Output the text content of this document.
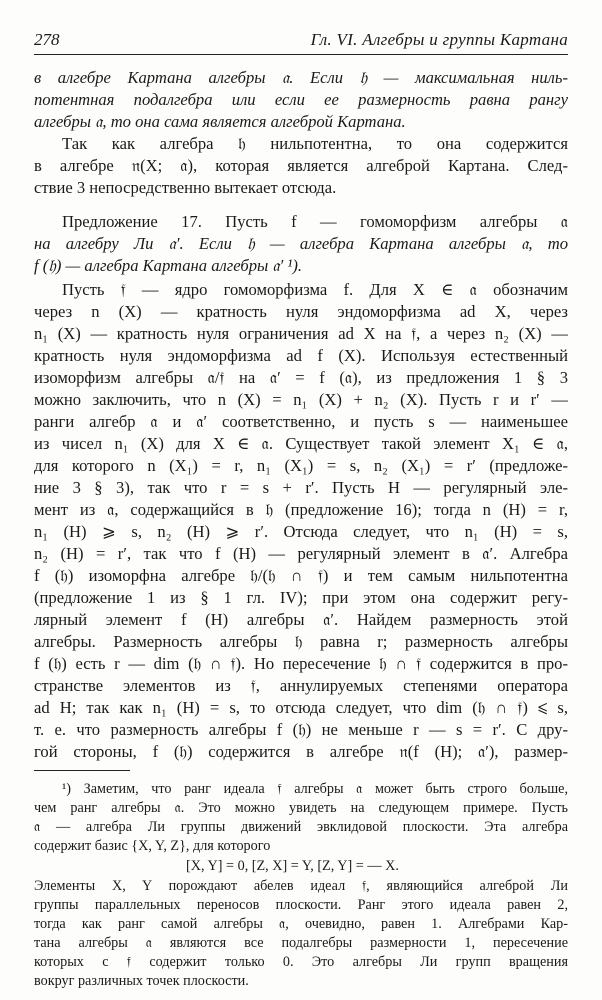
278	Гл. VI. Алгебры и группы Картана
в алгебре Картана алгебры 𝔞. Если 𝔥 — максимальная ниль-
потентная подалгебра или если ее размерность равна рангу
алгебры 𝔞, то она сама является алгеброй Картана.
Так как алгебра 𝔥 нильпотентна, то она содержится
в алгебре 𝔫(X; 𝔞), которая является алгеброй Картана. След-
ствие 3 непосредственно вытекает отсюда.
Предложение 17. Пусть f — гомоморфизм алгебры 𝔞
на алгебру Ли 𝔞′. Если 𝔥 — алгебра Картана алгебры 𝔞, то
f (𝔥) — алгебра Картана алгебры 𝔞′ ¹).
Пусть 𝔣 — ядро гомоморфизма f. Для X ∈ 𝔞 обозначим
через n (X) — кратность нуля эндоморфизма ad X, через
n₁ (X) — кратность нуля ограничения ad X на 𝔣, а через n₂ (X) —
кратность нуля эндоморфизма ad f (X). Используя естественный
изоморфизм алгебры 𝔞/𝔣 на 𝔞′ = f (𝔞), из предложения 1 § 3
можно заключить, что n (X) = n₁ (X) + n₂ (X). Пусть r и r′ —
ранги алгебр 𝔞 и 𝔞′ соответственно, и пусть s — наименьшее
из чисел n₁ (X) для X ∈ 𝔞. Существует такой элемент X₁ ∈ 𝔞,
для которого n (X₁) = r, n₁ (X₁) = s, n₂ (X₁) = r′ (предложе-
ние 3 § 3), так что r = s + r′. Пусть H — регулярный эле-
мент из 𝔞, содержащийся в 𝔥 (предложение 16); тогда n (H) = r,
n₁ (H) ⩾ s, n₂ (H) ⩾ r′. Отсюда следует, что n₁ (H) = s,
n₂ (H) = r′, так что f (H) — регулярный элемент в 𝔞′. Алгебра
f (𝔥) изоморфна алгебре 𝔥/(𝔥 ∩ 𝔣) и тем самым нильпотентна
(предложение 1 из § 1 гл. IV); при этом она содержит регу-
лярный элемент f (H) алгебры 𝔞′. Найдем размерность этой
алгебры. Размерность алгебры 𝔥 равна r; размерность алгебры
f (𝔥) есть r — dim (𝔥 ∩ 𝔣). Но пересечение 𝔥 ∩ 𝔣 содержится в про-
странстве элементов из 𝔣, аннулируемых степенями оператора
ad H; так как n₁ (H) = s, то отсюда следует, что dim (𝔥 ∩ 𝔣) ⩽ s,
т. е. что размерность алгебры f (𝔥) не меньше r — s = r′. С дру-
гой стороны, f (𝔥) содержится в алгебре 𝔫(f (H); 𝔞′), размер-
¹) Заметим, что ранг идеала 𝔣 алгебры 𝔞 может быть строго больше,
чем ранг алгебры 𝔞. Это можно увидеть на следующем примере. Пусть
𝔞 — алгебра Ли группы движений эвклидовой плоскости. Эта алгебра
содержит базис {X, Y, Z}, для которого
[X, Y] = 0, [Z, X] = Y, [Z, Y] = — X.
Элементы X, Y порождают абелев идеал 𝔣, являющийся алгеброй Ли
группы параллельных переносов плоскости. Ранг этого идеала равен 2,
тогда как ранг самой алгебры 𝔞, очевидно, равен 1. Алгебрами Кар-
тана алгебры 𝔞 являются все подалгебры размерности 1, пересечение
которых с 𝔣 содержит только 0. Это алгебры Ли групп вращения
вокруг различных точек плоскости.
